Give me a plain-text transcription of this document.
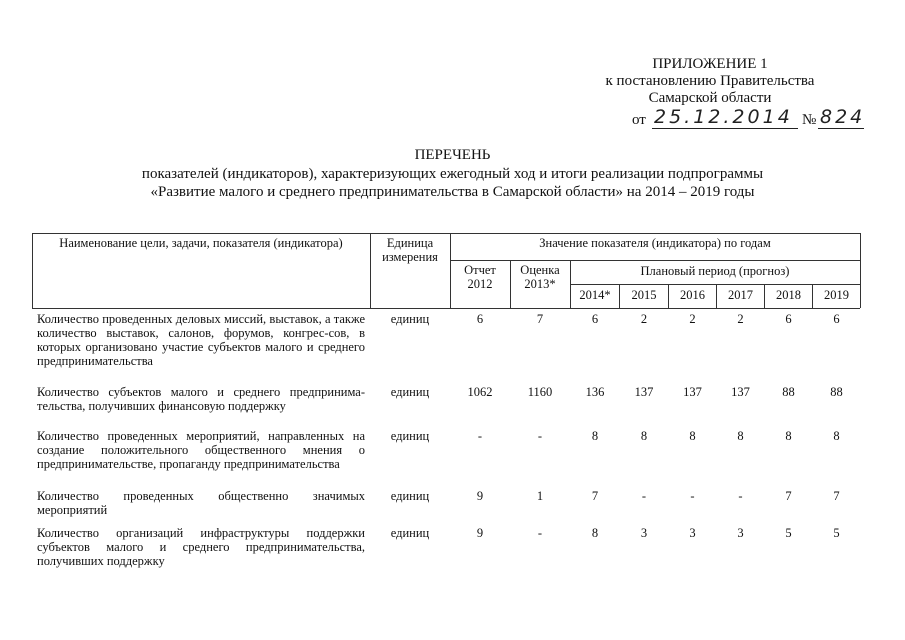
ПРИЛОЖЕНИЕ 1
к постановлению Правительства
Самарской области
от 25.12.2014 № 824
ПЕРЕЧЕНЬ
показателей (индикаторов), характеризующих ежегодный ход и итоги реализации подпрограммы
«Развитие малого и среднего предпринимательства в Самарской области» на 2014 – 2019 годы
Наименование цели, задачи, показателя (индикатора)	Единица
измерения
Значение показателя (индикатора) по годам
Отчет
2012
Оценка
2013*
Плановый период (прогноз)
2014*	2015	2016	2017	2018	2019
Количество проведенных деловых миссий, выставок, а также количество выставок, салонов, форумов, конгрес-сов, в которых организовано участие субъектов малого и среднего предпринимательства
единиц	6	7	6	2	2	2	6	6
Количество субъектов малого и среднего предпринима-тельства, получивших финансовую поддержку
единиц	1062	1160	136	137	137	137	88	88
Количество проведенных мероприятий, направленных на создание положительного общественного мнения о предпринимательстве, пропаганду предпринимательства
единиц	-	-	8	8	8	8	8	8
Количество проведенных общественно значимых мероприятий
единиц	9	1	7	-	-	-	7	7
Количество организаций инфраструктуры поддержки субъектов малого и среднего предпринимательства, получивших поддержку
единиц	9	-	8	3	3	3	5	5
